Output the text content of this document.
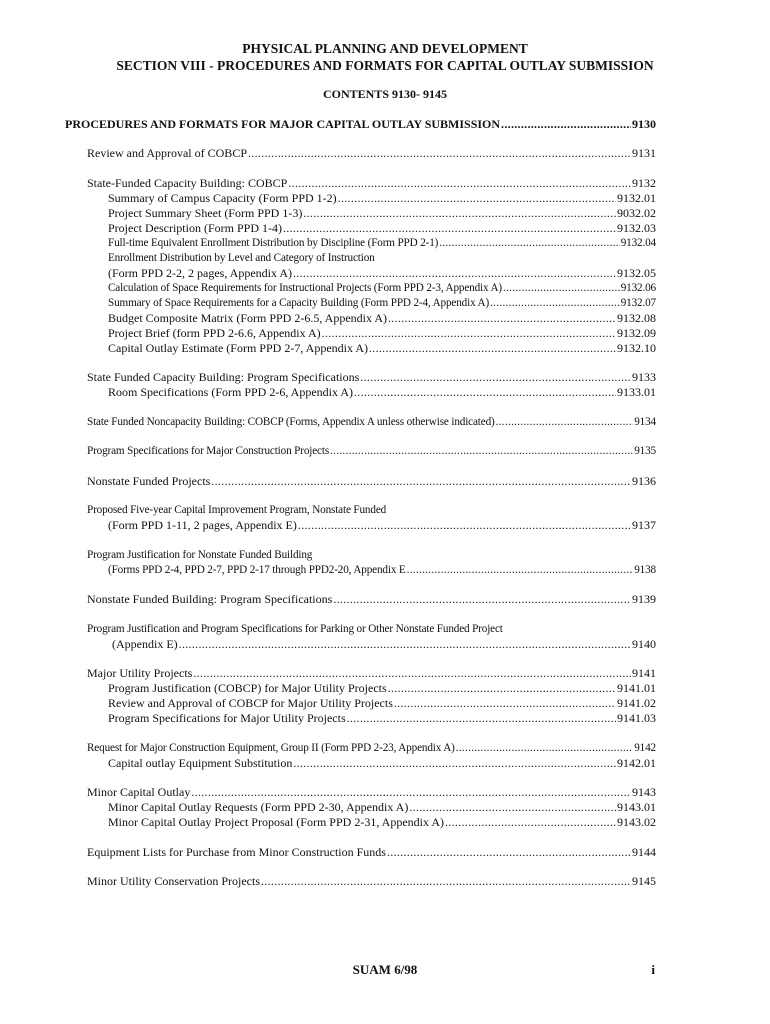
PHYSICAL PLANNING AND DEVELOPMENT
SECTION VIII - PROCEDURES AND FORMATS FOR CAPITAL OUTLAY SUBMISSION
CONTENTS 9130- 9145
PROCEDURES AND FORMATS FOR MAJOR CAPITAL OUTLAY SUBMISSION .....	9130
Review and Approval of COBCP .....	9131
State-Funded Capacity Building: COBCP .....	9132
Summary of Campus Capacity (Form PPD 1-2) .....	9132.01
Project Summary Sheet (Form PPD 1-3) .....	9032.02
Project Description (Form PPD 1-4) .....	9132.03
Full-time Equivalent Enrollment Distribution by Discipline (Form PPD 2-1) .....	9132.04
Enrollment Distribution by Level and Category of Instruction
(Form PPD 2-2, 2 pages, Appendix A) .....	9132.05
Calculation of Space Requirements for Instructional Projects (Form PPD 2-3, Appendix A) .....	9132.06
Summary of Space Requirements for a Capacity Building (Form PPD 2-4, Appendix A) .....	9132.07
Budget Composite Matrix (Form PPD 2-6.5, Appendix A) .....	9132.08
Project Brief (form PPD 2-6.6, Appendix A) .....	9132.09
Capital Outlay Estimate (Form PPD 2-7, Appendix A) .....	9132.10
State Funded Capacity Building: Program Specifications .....	9133
Room Specifications (Form PPD 2-6, Appendix A) .....	9133.01
State Funded Noncapacity Building: COBCP (Forms, Appendix A unless otherwise indicated) .....	9134
Program Specifications for Major Construction Projects .....	9135
Nonstate Funded Projects .....	9136
Proposed Five-year Capital Improvement Program, Nonstate Funded
(Form PPD 1-11, 2 pages, Appendix E) .....	9137
Program Justification for Nonstate Funded Building
(Forms PPD 2-4, PPD 2-7, PPD 2-17 through PPD2-20, Appendix E .....	9138
Nonstate Funded Building: Program Specifications .....	9139
Program Justification and Program Specifications for Parking or Other Nonstate Funded Project
(Appendix E) .....	9140
Major Utility Projects .....	9141
Program Justification (COBCP) for Major Utility Projects .....	9141.01
Review and Approval of COBCP for Major Utility Projects .....	9141.02
Program Specifications for Major Utility Projects .....	9141.03
Request for Major Construction Equipment, Group II (Form PPD 2-23, Appendix A) .....	9142
Capital outlay Equipment Substitution .....	9142.01
Minor Capital Outlay .....	9143
Minor Capital Outlay Requests (Form PPD 2-30, Appendix A) .....	9143.01
Minor Capital Outlay Project Proposal (Form PPD 2-31, Appendix A) .....	9143.02
Equipment Lists for Purchase from Minor Construction Funds .....	9144
Minor Utility Conservation Projects .....	9145
SUAM 6/98	i
